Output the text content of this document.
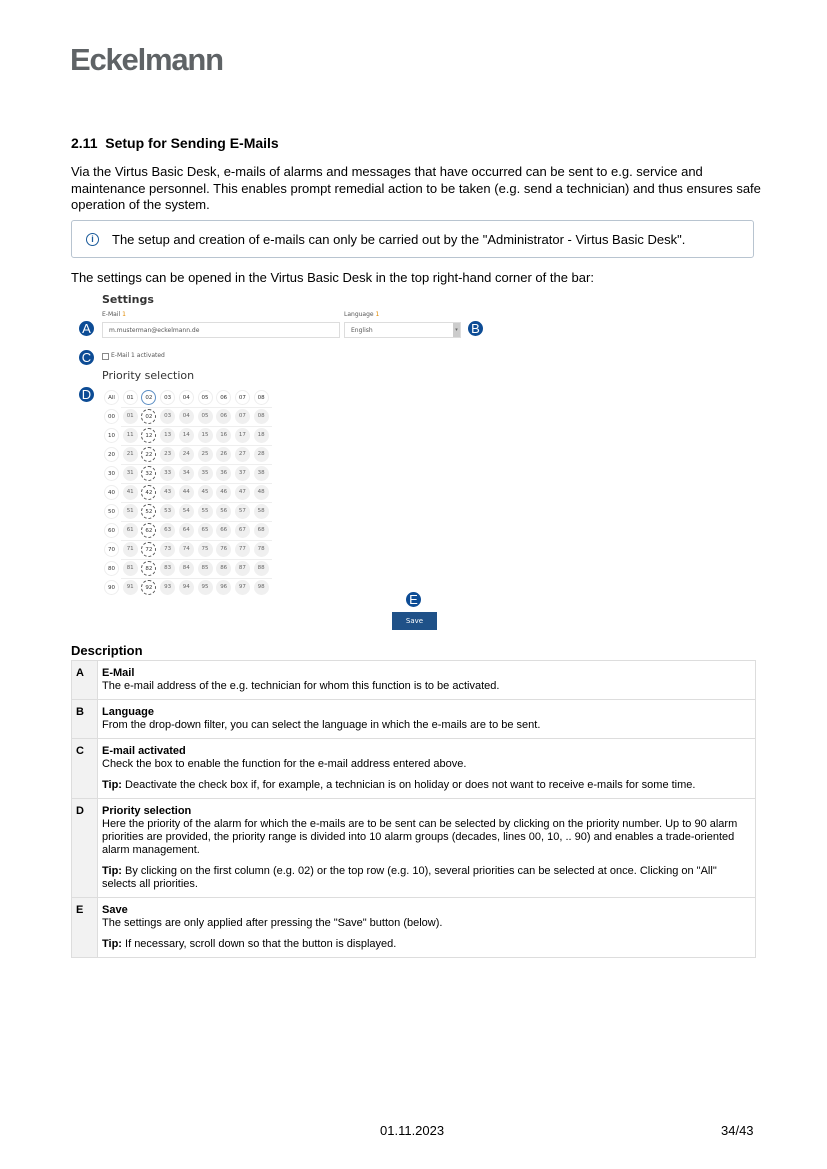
Eckelmann
2.11 Setup for Sending E-Mails
Via the Virtus Basic Desk, e-mails of alarms and messages that have occurred can be sent to e.g. service and maintenance personnel. This enables prompt remedial action to be taken (e.g. send a technician) and thus ensures safe operation of the system.
i	The setup and creation of e-mails can only be carried out by the "Administrator - Virtus Basic Desk".
The settings can be opened in the Virtus Basic Desk in the top right-hand corner of the bar:
Settings
E-Mail 1
m.musterman@eckelmann.de
Language 1
English	▾
E-Mail 1 activated
Priority selection
All	01	02	03	04	05	06	07	08
00	01	02	03	04	05	06	07	08
10	11	12	13	14	15	16	17	18
20	21	22	23	24	25	26	27	28
30	31	32	33	34	35	36	37	38
40	41	42	43	44	45	46	47	48
50	51	52	53	54	55	56	57	58
60	61	62	63	64	65	66	67	68
70	71	72	73	74	75	76	77	78
80	81	82	83	84	85	86	87	88
90	91	92	93	94	95	96	97	98
Save
A	B
C
D
E
Description
A	E-Mail
The e-mail address of the e.g. technician for whom this function is to be activated.

B	Language
From the drop-down filter, you can select the language in which the e-mails are to be sent.

C	E-mail activated
Check the box to enable the function for the e-mail address entered above.
Tip: Deactivate the check box if, for example, a technician is on holiday or does not want to receive e-mails for some time.

D	Priority selection
Here the priority of the alarm for which the e-mails are to be sent can be selected by clicking on the priority number. Up to 90 alarm priorities are provided, the priority range is divided into 10 alarm groups (decades, lines 00, 10, .. 90) and enables a trade-oriented alarm management.
Tip: By clicking on the first column (e.g. 02) or the top row (e.g. 10), several priorities can be selected at once. Clicking on "All" selects all priorities.

E	Save
The settings are only applied after pressing the "Save" button (below).
Tip: If necessary, scroll down so that the button is displayed.
01.11.2023	34/43
